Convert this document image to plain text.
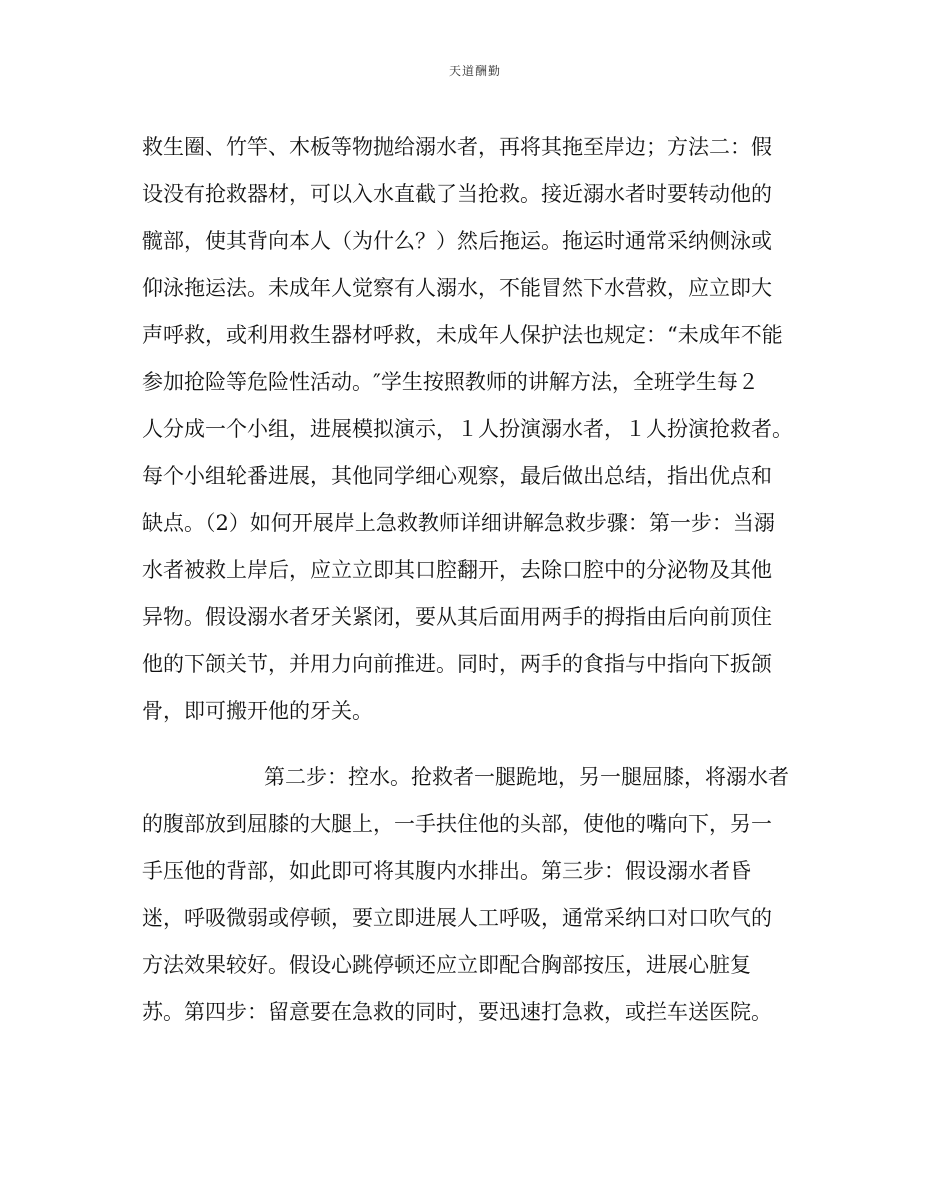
天道酬勤
救生圈、竹竿、木板等物抛给溺水者，再将其拖至岸边；方法二：假
设没有抢救器材，可以入水直截了当抢救。接近溺水者时要转动他的
髋部，使其背向本人（为什么？）然后拖运。拖运时通常采纳侧泳或
仰泳拖运法。未成年人觉察有人溺水，不能冒然下水营救，应立即大
声呼救，或利用救生器材呼救，未成年人保护法也规定：“未成年不能
参加抢险等危险性活动。″学生按照教师的讲解方法，全班学生每２
人分成一个小组，进展模拟演示，１人扮演溺水者，１人扮演抢救者。
每个小组轮番进展，其他同学细心观察，最后做出总结，指出优点和
缺点。（2）如何开展岸上急救教师详细讲解急救步骤：第一步：当溺
水者被救上岸后，应立立即其口腔翻开，去除口腔中的分泌物及其他
异物。假设溺水者牙关紧闭，要从其后面用两手的拇指由后向前顶住
他的下颌关节，并用力向前推进。同时，两手的食指与中指向下扳颌
骨，即可搬开他的牙关。
第二步：控水。抢救者一腿跪地，另一腿屈膝，将溺水者
的腹部放到屈膝的大腿上，一手扶住他的头部，使他的嘴向下，另一
手压他的背部，如此即可将其腹内水排出。第三步：假设溺水者昏
迷，呼吸微弱或停顿，要立即进展人工呼吸，通常采纳口对口吹气的
方法效果较好。假设心跳停顿还应立即配合胸部按压，进展心脏复
苏。第四步：留意要在急救的同时，要迅速打急救，或拦车送医院。
